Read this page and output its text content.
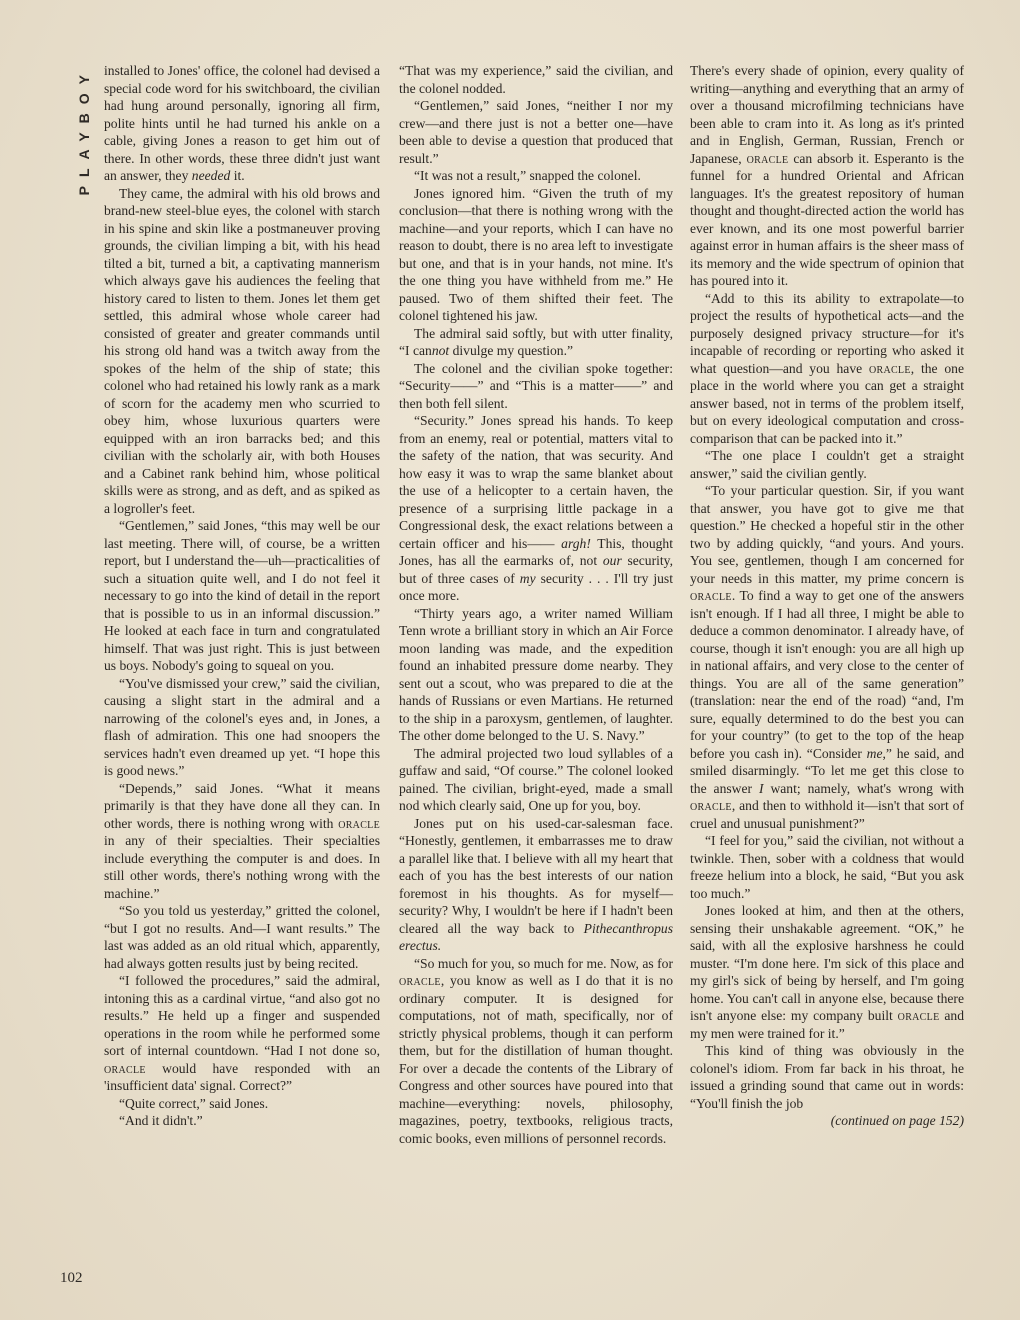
PLAYBOY installed to Jones' office, the colonel had devised a special code word for his switchboard, the civilian had hung around personally, ignoring all firm, polite hints until he had turned his ankle on a cable, giving Jones a reason to get him out of there. In other words, these three didn't just want an answer, they needed it.

They came, the admiral with his old brows and brand-new steel-blue eyes, the colonel with starch in his spine and skin like a postmaneuver proving grounds, the civilian limping a bit, with his head tilted a bit, turned a bit, a captivating mannerism which always gave his audiences the feeling that history cared to listen to them. Jones let them get settled, this admiral whose whole career had consisted of greater and greater commands until his strong old hand was a twitch away from the spokes of the helm of the ship of state; this colonel who had retained his lowly rank as a mark of scorn for the academy men who scurried to obey him, whose luxurious quarters were equipped with an iron barracks bed; and this civilian with the scholarly air, with both Houses and a Cabinet rank behind him, whose political skills were as strong, and as deft, and as spiked as a logroller's feet.

“Gentlemen,” said Jones, “this may well be our last meeting. There will, of course, be a written report, but I understand the—uh—practicalities of such a situation quite well, and I do not feel it necessary to go into the kind of detail in the report that is possible to us in an informal discussion.” He looked at each face in turn and congratulated himself. That was just right. This is just between us boys. Nobody's going to squeal on you.

“You've dismissed your crew,” said the civilian, causing a slight start in the admiral and a narrowing of the colonel's eyes and, in Jones, a flash of admiration. This one had snoopers the services hadn't even dreamed up yet. “I hope this is good news.”

“Depends,” said Jones. “What it means primarily is that they have done all they can. In other words, there is nothing wrong with oracle in any of their specialties. Their specialties include everything the computer is and does. In still other words, there's nothing wrong with the machine.”

“So you told us yesterday,” gritted the colonel, “but I got no results. And—I want results.” The last was added as an old ritual which, apparently, had always gotten results just by being recited.

“I followed the procedures,” said the admiral, intoning this as a cardinal virtue, “and also got no results.” He held up a finger and suspended operations in the room while he performed some sort of internal countdown. “Had I not done so, oracle would have responded with an 'insufficient data' signal. Correct?”

“Quite correct,” said Jones.

“And it didn't.”

“That was my experience,” said the civilian, and the colonel nodded.

“Gentlemen,” said Jones, “neither I nor my crew—and there just is not a better one—have been able to devise a question that produced that result.”

“It was not a result,” snapped the colonel.

Jones ignored him. “Given the truth of my conclusion—that there is nothing wrong with the machine—and your reports, which I can have no reason to doubt, there is no area left to investigate but one, and that is in your hands, not mine. It's the one thing you have withheld from me.” He paused. Two of them shifted their feet. The colonel tightened his jaw.

The admiral said softly, but with utter finality, “I cannot divulge my question.”

The colonel and the civilian spoke together: “Security——” and “This is a matter——” and then both fell silent.

“Security.” Jones spread his hands. To keep from an enemy, real or potential, matters vital to the safety of the nation, that was security. And how easy it was to wrap the same blanket about the use of a helicopter to a certain haven, the presence of a surprising little package in a Congressional desk, the exact relations between a certain officer and his—— argh! This, thought Jones, has all the earmarks of, not our security, but of three cases of my security . . . I'll try just once more.

“Thirty years ago, a writer named William Tenn wrote a brilliant story in which an Air Force moon landing was made, and the expedition found an inhabited pressure dome nearby. They sent out a scout, who was prepared to die at the hands of Russians or even Martians. He returned to the ship in a paroxysm, gentlemen, of laughter. The other dome belonged to the U. S. Navy.”

The admiral projected two loud syllables of a guffaw and said, “Of course.” The colonel looked pained. The civilian, bright-eyed, made a small nod which clearly said, One up for you, boy.

Jones put on his used-car-salesman face. “Honestly, gentlemen, it embarrasses me to draw a parallel like that. I believe with all my heart that each of you has the best interests of our nation foremost in his thoughts. As for myself—security? Why, I wouldn't be here if I hadn't been cleared all the way back to Pithecanthropus erectus.

“So much for you, so much for me. Now, as for oracle, you know as well as I do that it is no ordinary computer. It is designed for computations, not of math, specifically, nor of strictly physical problems, though it can perform them, but for the distillation of human thought. For over a decade the contents of the Library of Congress and other sources have poured into that machine—everything: novels, philosophy, magazines, poetry, textbooks, religious tracts, comic books, even millions of personnel records.

There's every shade of opinion, every quality of writing—anything and everything that an army of over a thousand microfilming technicians have been able to cram into it. As long as it's printed and in English, German, Russian, French or Japanese, oracle can absorb it. Esperanto is the funnel for a hundred Oriental and African languages. It's the greatest repository of human thought and thought-directed action the world has ever known, and its one most powerful barrier against error in human affairs is the sheer mass of its memory and the wide spectrum of opinion that has poured into it.

“Add to this its ability to extrapolate—to project the results of hypothetical acts—and the purposely designed privacy structure—for it's incapable of recording or reporting who asked it what question—and you have oracle, the one place in the world where you can get a straight answer based, not in terms of the problem itself, but on every ideological computation and cross-comparison that can be packed into it.”

“The one place I couldn't get a straight answer,” said the civilian gently.

“To your particular question. Sir, if you want that answer, you have got to give me that question.” He checked a hopeful stir in the other two by adding quickly, “and yours. And yours. You see, gentlemen, though I am concerned for your needs in this matter, my prime concern is oracle. To find a way to get one of the answers isn't enough. If I had all three, I might be able to deduce a common denominator. I already have, of course, though it isn't enough: you are all high up in national affairs, and very close to the center of things. You are all of the same generation” (translation: near the end of the road) “and, I'm sure, equally determined to do the best you can for your country” (to get to the top of the heap before you cash in). “Consider me,” he said, and smiled disarmingly. “To let me get this close to the answer I want; namely, what's wrong with oracle, and then to withhold it—isn't that sort of cruel and unusual punishment?”

“I feel for you,” said the civilian, not without a twinkle. Then, sober with a coldness that would freeze helium into a block, he said, “But you ask too much.”

Jones looked at him, and then at the others, sensing their unshakable agreement. “OK,” he said, with all the explosive harshness he could muster. “I'm done here. I'm sick of this place and my girl's sick of being by herself, and I'm going home. You can't call in anyone else, because there isn't anyone else: my company built oracle and my men were trained for it.”

This kind of thing was obviously in the colonel's idiom. From far back in his throat, he issued a grinding sound that came out in words: “You'll finish the job

(continued on page 152)
102
